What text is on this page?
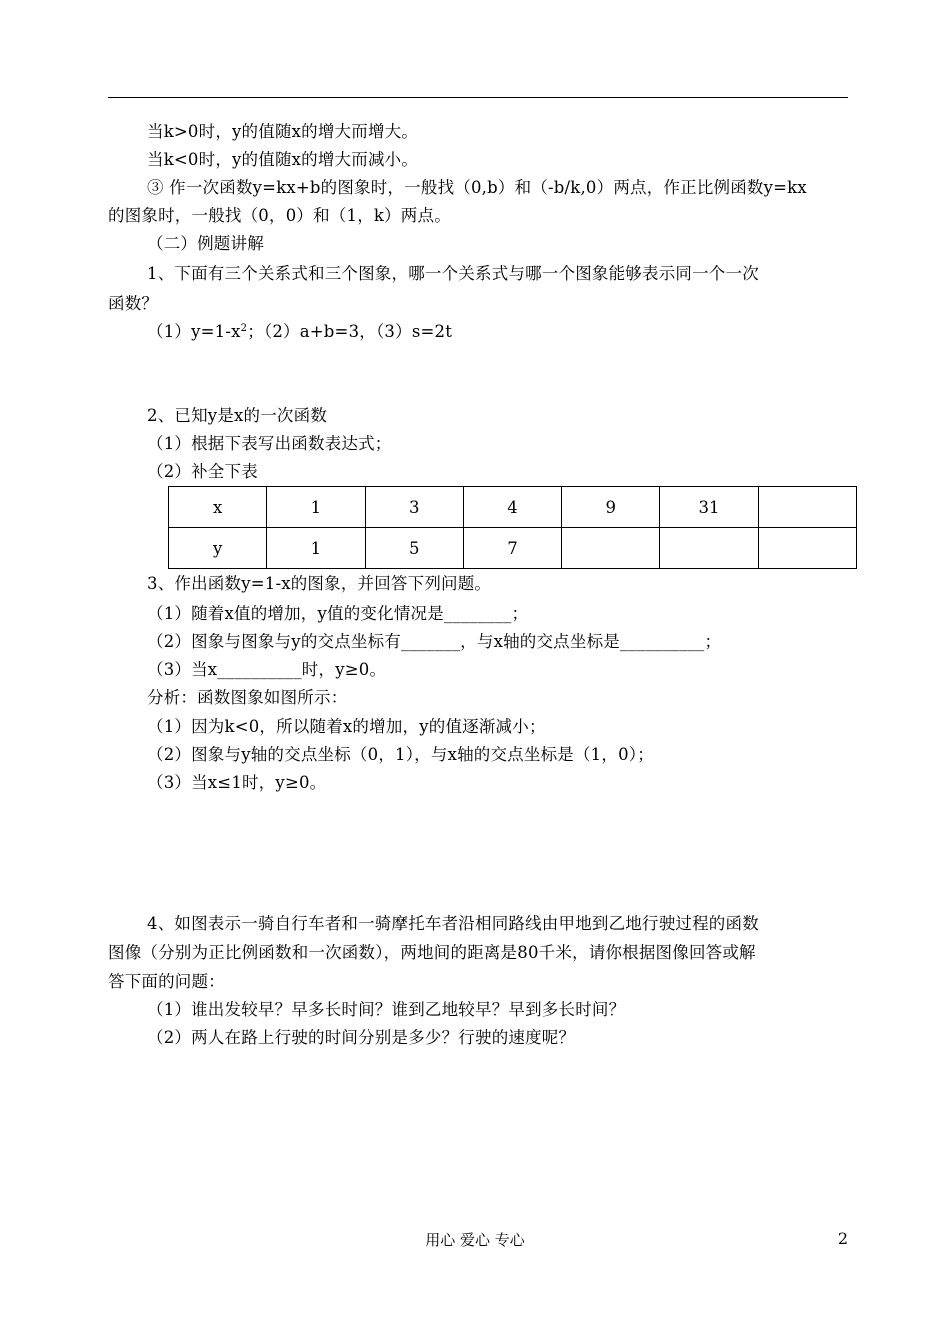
当k>0时，y的值随x的增大而增大。
当k<0时，y的值随x的增大而减小。
③ 作一次函数y=kx+b的图象时，一般找（0,b）和（-b/k,0）两点，作正比例函数y=kx
的图象时，一般找（0，0）和（1，k）两点。
（二）例题讲解
1、下面有三个关系式和三个图象，哪一个关系式与哪一个图象能够表示同一个一次
函数？
$(1)y=1-x^2$；（2）a+b=3，（3）s=2t
2、已知y是x的一次函数
（1）根据下表写出函数表达式；
（2）补全下表
x	1	3	4	9	31	
y	1	5	7			
3、作出函数y=1-x的图象，并回答下列问题。
（1）随着x值的增加，y值的变化情况是________；
（2）图象与图象与y的交点坐标有_______，与x轴的交点坐标是__________；
（3）当x__________时，y≥0。
分析：函数图象如图所示：
（1）因为k<0，所以随着x的增加，y的值逐渐减小；
（2）图象与y轴的交点坐标（0，1），与x轴的交点坐标是（1，0）；
（3）当x≤1时，y≥0。
4、如图表示一骑自行车者和一骑摩托车者沿相同路线由甲地到乙地行驶过程的函数
图像（分别为正比例函数和一次函数），两地间的距离是80千米，请你根据图像回答或解
答下面的问题：
（1）谁出发较早？早多长时间？谁到乙地较早？早到多长时间？
（2）两人在路上行驶的时间分别是多少？行驶的速度呢？
用心 爱心 专心	2
